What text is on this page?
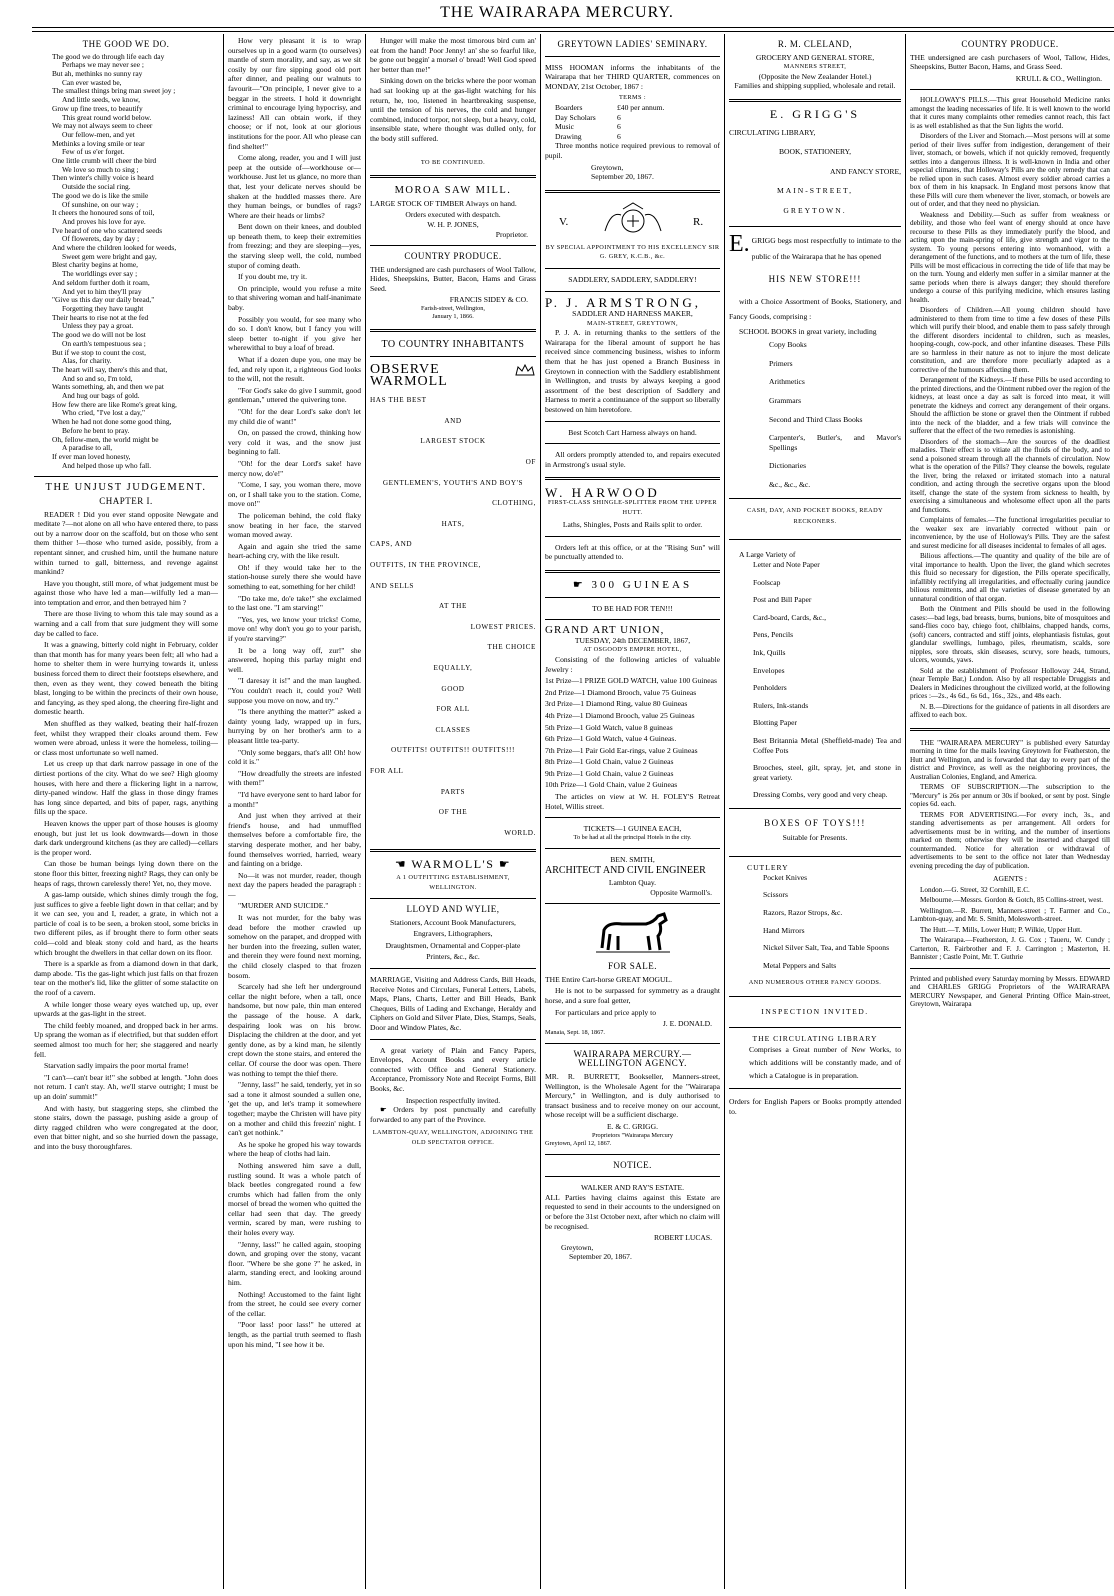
THE WAIRARAPA MERCURY.
THE GOOD WE DO.
The good we do through life each day
Perhaps we may never see ;
But ah, methinks no sunny ray
Can ever wasted be,
The smallest things bring man sweet joy ;
And little seeds, we know,
Grow up fine trees, to beautify
This great round world below.
We may not always seem to cheer
Our fellow-men, and yet
Methinks a loving smile or tear
Few of us e'er forget.
One little crumb will cheer the bird
We love so much to sing ;
Then winter's chilly voice is heard
Outside the social ring.
The good we do is like the smile
Of sunshine, on our way ;
It cheers the honoured sons of toil,
And proves his love for aye.
I've heard of one who scattered seeds
Of flowerets, day by day ;
And where the children looked for weeds,
Sweet gem were bright and gay,
Blest charity begins at home,
The worldlings ever say ;
And seldom further doth it roam,
And yet to him they'll pray
"Give us this day our daily bread,"
Forgetting they have taught
Their hearts to rise not at the fed
Unless they pay a groat.
The good we do will not be lost
On earth's tempestuous sea ;
But if we stop to count the cost,
Alas, for charity.
The heart will say, there's this and that,
And so and so, I'm told,
Wants something, ah, and then we pat
And hug our bags of gold.
How few there are like Rome's great king,
Who cried, "I've lost a day,"
When he had not done some good thing,
Before he bent to pray.
Oh, fellow-men, the world might be
A paradise to all,
If ever man loved honesty,
And helped those up who fall.
THE UNJUST JUDGEMENT.
CHAPTER I.

READER ! Did you ever stand opposite Newgate and meditate ?—not alone on all who have entered there, to pass out by a narrow door on the scaffold, but on those who sent them thither !—those who turned aside, possibly, from a repentant sinner, and crushed him, until the humane nature within turned to gall, bitterness, and revenge against mankind?

Have you thought, still more, of what judgement must be against those who have led a man—wilfully led a man—into temptation and error, and then betrayed him ?

There are those living to whom this tale may sound as a warning and a call from that sure judgment they will some day be called to face.

It was a gnawing, bitterly cold night in February, colder than that month has for many years been felt; all who had a home to shelter them in were hurrying towards it, unless business forced them to direct their footsteps elsewhere, and then, even as they went, they cowed beneath the biting blast, longing to be within the precincts of their own house, and fancying, as they sped along, the cheering fire-light and domestic hearth.

Men shuffled as they walked, beating their half-frozen feet, whilst they wrapped their cloaks around them. Few women were abroad, unless it were the homeless, toiling—or class most unfortunate so well named.

Let us creep up that dark narrow passage in one of the dirtiest portions of the city. What do we see? High gloomy houses, with here and there a flickering light in a narrow, dirty-paned window. Half the glass in those dingy frames has long since departed, and bits of paper, rags, anything fills up the space.

Heaven knows the upper part of those houses is gloomy enough, but just let us look downwards—down in those dark dark underground kitchens (as they are called)—cellars is the proper word.

Can those be human beings lying down there on the stone floor this bitter, freezing night? Rags, they can only be heaps of rags, thrown carelessly there! Yet, no, they move.

A gas-lamp outside, which shines dimly trough the fog, just suffices to give a feeble light down in that cellar; and by it we can see, you and I, reader, a grate, in which not a particle of coal is to be seen, a broken stool, some bricks in two different piles, as if brought there to form other seats cold—cold and bleak stony cold and hard, as the hearts which brought the dwellers in that cellar down on its floor.

There is a sparkle as from a diamond down in that dark, damp abode. 'Tis the gas-light which just falls on that frozen tear on the mother's lid, like the glitter of some stalactite on the roof of a cavern.

A while longer those weary eyes watched up, up, ever upwards at the gas-light in the street.

The child feebly moaned, and dropped back in her arms. Up sprang the woman as if electrified, but that sudden effort seemed almost too much for her; she staggered and nearly fell.

Starvation sadly impairs the poor mortal frame!

"I can't—can't bear it!" she sobbed at length. "John does not return. I can't stay. Ah, we'll starve outright; I must be up an doin' summit!"

And with hasty, but staggering steps, she climbed the stone stairs, down the passage, pushing aside a group of dirty ragged children who were congregated at the door, even that bitter night, and so she hurried down the passage, and into the busy thoroughfares.

How very pleasant it is to wrap ourselves up in a good warm (to ourselves) mantle of stern morality, and say, as we sit cosily by our fire sipping good old port after dinner, and pealing our walnuts to favourit—"On principle, I never give to a beggar in the streets. I hold it downright criminal to encourage lying hypocrisy, and laziness! All can obtain work, if they choose; or if not, look at our glorious institutions for the poor. All who please can find shelter!"

Come along, reader, you and I will just peep at the outside of—workhouse or—workhouse. Just let us glance, no more than that, lest your delicate nerves should be shaken at the huddled masses there. Are they human beings, or bundles of rags? Where are their heads or limbs?

Bent down on their knees, and doubled up beneath them, to keep their extremities from freezing; and they are sleeping—yes, the starving sleep well, the cold, numbed stupor of coming death.

If you doubt me, try it.

On principle, would you refuse a mite to that shivering woman and half-inanimate baby.

Possibly you would, for see many who do so. I don't know, but I fancy you will sleep better to-night if you give her wherewithal to buy a loaf of bread.

What if a dozen dupe you, one may be fed, and rely upon it, a righteous God looks to the will, not the result.

"For God's sake do give I summit, good gentleman," uttered the quivering tone.

"Oh! for the dear Lord's sake don't let my child die of want!"

On, on passed the crowd, thinking how very cold it was, and the snow just beginning to fall.

"Oh! for the dear Lord's sake! have mercy now, do'e!"

"Come, I say, you woman there, move on, or I shall take you to the station. Come, move on!"

The policeman behind, the cold flaky snow beating in her face, the starved woman moved away.

Again and again she tried the same heart-aching cry, with the like result.

Oh! if they would take her to the station-house surely there she would have something to eat, something for her child!

"Do take me, do'e take!" she exclaimed to the last one. "I am starving!"

"Yes, yes, we know your tricks! Come, move on! why don't you go to your parish, if you're starving?"

It be a long way off, zur!" she answered, hoping this parlay might end well.

"I daresay it is!" and the man laughed. "You couldn't reach it, could you? Well suppose you move on now, and try."

"Is there anything the matter?" asked a dainty young lady, wrapped up in furs, hurrying by on her brother's arm to a pleasant little tea-party.

"Only some beggars, that's all! Oh! how cold it is."

"How dreadfully the streets are infested with them!"

"I'd have everyone sent to hard labor for a month!"

And just when they arrived at their friend's house, and had unmuffled themselves before a comfortable fire, the starving desperate mother, and her baby, found themselves worried, harried, weary and fainting on a bridge.

No—it was not murder, reader, though next day the papers headed the paragraph :—

"MURDER AND SUICIDE."

It was not murder, for the baby was dead before the mother crawled up somehow on the parapet, and dropped with her burden into the freezing, sullen water, and therein they were found next morning, the child closely clasped to that frozen bosom.

Scarcely had she left her underground cellar the night before, when a tall, once handsome, but now pale, thin man entered the passage of the house. A dark, despairing look was on his brow. Displacing the children at the door, and yet gently done, as by a kind man, he silently crept down the stone stairs, and entered the cellar. Of course the door was open. There was nothing to tempt the thief there.

"Jenny, lass!" he said, tenderly, yet in so sad a tone it almost sounded a sullen one, 'get the up, and let's tramp it somewhere together; maybe the Christen will have pity on a mother and child this freezin' night. I can't get nothink."

As he spoke he groped his way towards where the heap of cloths had lain.

Nothing answered him save a dull, rustling sound. It was a whole patch of black beetles congregated round a few crumbs which had fallen from the only morsel of bread the women who quitted the cellar had seen that day. The greedy vermin, scared by man, were rushing to their holes every way.

"Jenny, lass!" he called again, stooping down, and groping over the stony, vacant floor. "Where be she gone ?" he asked, in alarm, standing erect, and looking around him.

Nothing! Accustomed to the faint light from the street, he could see every corner of the cellar.

"Poor lass! poor lass!" he uttered at length, as the partial truth seemed to flash upon his mind, "I see how it be.

Hunger will make the most timorous bird cum an' eat from the hand! Poor Jenny! an' she so fearful like, be gone out beggin' a morsel o' bread! Well God speed her better than me!"

Sinking down on the bricks where the poor woman had sat looking up at the gas-light watching for his return, he, too, listened in heartbreaking suspense, until the tension of his nerves, the cold and hunger combined, induced torpor, not sleep, but a heavy, cold, insensible state, where thought was dulled only, for the body still suffered.

TO BE CONTINUED.
MOROA SAW MILL.

LARGE STOCK OF TIMBER Always on hand.

Orders executed with despatch.
W. H. P. JONES,
Proprietor.
COUNTRY PRODUCE.

THE undersigned are cash purchasers of Wool Tallow, Hides, Sheepskins, Butter, Bacon, Hams and Grass Seed.

FRANCIS SIDEY & CO.
Farish-street, Wellington,
January 1, 1866.
TO COUNTRY INHABITANTS
OBSERVE  WARMOLL
HAS THE BEST
AND
LARGEST STOCK
OF
GENTLEMEN'S, YOUTH'S AND BOY'S
CLOTHING,
HATS,
CAPS, AND
OUTFITS, IN THE PROVINCE,
AND SELLS
AT THE
LOWEST PRICES.
THE CHOICE
EQUALLY,
GOOD
FOR ALL
CLASSES
OUTFITS! OUTFITS!! OUTFITS!!!
FOR ALL
PARTS
OF THE
WORLD.
☚ WARMOLL'S ☛
A 1 OUTFITTING ESTABLISHMENT,
WELLINGTON.
LLOYD AND WYLIE,
Stationers, Account Book Manufacturers,
Engravers, Lithographers,
Draughtsmen, Ornamental and Copper-plate
Printers, &c., &c.

MARRIAGE, Visiting and Address Cards, Bill Heads, Receive Notes and Circulars, Funeral Letters, Labels, Maps, Plans, Charts, Letter and Bill Heads, Bank Cheques, Bills of Lading and Exchange, Heraldy and Ciphers on Gold and Silver Plate, Dies, Stamps, Seals, Door and Window Plates, &c.

A great variety of Plain and Fancy Papers, Envelopes, Account Books and every article connected with Office and General Stationery. Acceptance, Promissory Note and Receipt Forms, Bill Books, &c.

Inspection respectfully invited.

☛ Orders by post punctually and carefully forwarded to any part of the Province.

LAMBTON-QUAY, WELLINGTON, ADJOINING THE OLD SPECTATOR OFFICE.
GREYTOWN LADIES' SEMINARY.

MISS HOOMAN informs the inhabitants of the Wairarapa that her THIRD QUARTER, commences on MONDAY, 21st October, 1867 :

TERMS :
Boarders	£40 per annum.
Day Scholars	6
Music	6
Drawing	6

Three months notice required previous to removal of pupil.

Greytown,
September 20, 1867.
V.	R.
BY SPECIAL APPOINTMENT TO HIS EXCELLENCY SIR G. GREY, K.C.B., &c.
SADDLERY, SADDLERY, SADDLERY!
P. J. ARMSTRONG,
SADDLER AND HARNESS MAKER,
MAIN-STREET, GREYTOWN,

P. J. A. in returning thanks to the settlers of the Wairarapa for the liberal amount of support he has received since commencing business, wishes to inform them that he has just opened a Branch Business in Greytown in connection with the Saddlery establishment in Wellington, and trusts by always keeping a good assortment of the best description of Saddlery and Harness to merit a continuance of the support so liberally bestowed on him heretofore.

Best Scotch Cart Harness always on hand.

All orders promptly attended to, and repairs executed in Armstrong's usual style.

W. HARWOOD
FIRST-CLASS SHINGLE-SPLITTER FROM THE UPPER HUTT.
Laths, Shingles, Posts and Rails split to order.

Orders left at this office, or at the "Rising Sun" will be punctually attended to.

☛ 300 GUINEAS
TO BE HAD FOR TEN!!!
GRAND ART UNION,
TUESDAY, 24th DECEMBER, 1867,
AT OSGOOD'S EMPIRE HOTEL,

Consisting of the following articles of valuable Jewelry :

1st Prize—1 PRIZE GOLD WATCH, value 100 Guineas
2nd Prize—1 Diamond Brooch, value 75 Guineas
3rd Prize—1 Diamond Ring, value 80 Guineas
4th Prize—1 Diamond Brooch, value 25 Guineas
5th Prize—1 Gold Watch, value 8 guineas
6th Prize—1 Gold Watch, value 4 Guineas.
7th Prize—1 Pair Gold Ear-rings, value 2 Guineas
8th Prize—1 Gold Chain, value 2 Guineas
9th Prize—1 Gold Chain, value 2 Guineas
10th Prize—1 Gold Chain, value 2 Guineas

The articles on view at W. H. FOLEY'S Retreat Hotel, Willis street.

TICKETS—1 GUINEA EACH,
To be had at all the principal Hotels in the city.
BEN. SMITH,
ARCHITECT AND CIVIL ENGINEER
Lambton Quay.
Opposite Warmoll's.
FOR SALE.

THE Entire Cart-horse GREAT MOGUL.

He is not to be surpassed for symmetry as a draught horse, and a sure foal getter,

For particulars and price apply to

J. E. DONALD.
Manaia, Sept. 18, 1867.
WAIRARAPA MERCURY.—WELLINGTON AGENCY.

MR. R. BURRETT, Bookseller, Manners-street, Wellington, is the Wholesale Agent for the "Wairarapa Mercury," in Wellington, and is duly authorised to transact business and to receive money on our account, whose receipt will be a sufficient discharge.

E. & C. GRIGG.
Proprietors "Wairarapa Mercury
Greytown, April 12, 1867.
NOTICE.
WALKER AND RAY'S ESTATE.

ALL Parties having claims against this Estate are requested to send in their accounts to the undersigned on or before the 31st October next, after which no claim will be recognised.

ROBERT LUCAS.
Greytown,
September 20, 1867.
R. M. CLELAND,
GROCERY AND GENERAL STORE,
MANNERS STREET,
(Opposite the New Zealander Hotel.)
Families and shipping supplied, wholesale and retail.
E. GRIGG'S
CIRCULATING LIBRARY,
BOOK, STATIONERY,
AND FANCY STORE,
MAIN-STREET,
GREYTOWN.
E. GRIGG begs most respectfully to intimate to the public of the Wairarapa that he has opened
HIS NEW STORE!!!

with a Choice Assortment of Books, Stationery, and Fancy Goods, comprising :

SCHOOL BOOKS in great variety, including

Copy Books
Primers
Arithmetics
Grammars
Second and Third Class Books
Carpenter's, Butler's, and Mavor's Spellings
Dictionaries
&c., &c., &c.
CASH, DAY, AND POCKET BOOKS, READY RECKONERS.
A Large Variety of
Letter and Note Paper
Foolscap
Post and Bill Paper
Card-board, Cards, &c.,
Pens, Pencils
Ink, Quills
Envelopes
Penholders
Rulers, Ink-stands
Blotting Paper
Best Britannia Metal (Sheffield-made) Tea and Coffee Pots
Brooches, steel, gilt, spray, jet, and stone in great variety.
Dressing Combs, very good and very cheap.
BOXES OF TOYS!!!
Suitable for Presents.
CUTLERY
Pocket Knives
Scissors
Razors, Razor Strops, &c.
Hand Mirrors
Nickel Silver Salt, Tea, and Table Spoons
Metal Peppers and Salts
AND NUMEROUS OTHER FANCY GOODS.
INSPECTION INVITED.
THE CIRCULATING LIBRARY

Comprises a Great number of New Works, to which additions will be constantly made, and of which a Catalogue is in preparation.

Orders for English Papers or Books promptly attended to.

COUNTRY PRODUCE.

THE undersigned are cash purchasers of Wool, Tallow, Hides, Sheepskins, Butter Bacon, Hams, and Grass Seed.

KRULL & CO., Wellington.

HOLLOWAY'S PILLS.—This great Household Medicine ranks amongst the leading necessaries of life. It is well known to the world that it cures many complaints other remedies cannot reach, this fact is as well established as that the Sun lights the world.

Disorders of the Liver and Stomach.—Most persons will at some period of their lives suffer from indigestion, derangement of their liver, stomach, or bowels, which if not quickly removed, frequently settles into a dangerous illness. It is well-known in India and other especial climates, that Holloway's Pills are the only remedy that can be relied upon in such cases. Almost every soldier abroad carries a box of them in his knapsack. In England most persons know that these Pills will cure them whenever the liver, stomach, or bowels are out of order, and that they need no physician.

Weakness and Debility.—Such as suffer from weakness or debility, and those who feel want of energy should at once have recourse to these Pills as they immediately purify the blood, and acting upon the main-spring of life, give strength and vigor to the system. To young persons entering into womanhood, with a derangement of the functions, and to mothers at the turn of life, these Pills will be most efficacious in correcting the tide of life that may be on the turn. Young and elderly men suffer in a similar manner at the same periods when there is always danger; they should therefore undergo a course of this purifying medicine, which ensures lasting health.

Disorders of Children.—All young children should have administered to them from time to time a few doses of these Pills which will purify their blood, and enable them to pass safely through the different disorders incidental to children, such as measles, hooping-cough, cow-pock, and other infantine diseases. These Pills are so harmless in their nature as not to injure the most delicate constitution, and are therefore more peculiarly adapted as a corrective of the humours affecting them.

Derangement of the Kidneys.—If these Pills be used according to the printed directions, and the Ointment rubbed over the region of the kidneys, at least once a day as salt is forced into meat, it will penetrate the kidneys and correct any derangement of their organs. Should the affliction be stone or gravel then the Ointment if rubbed into the neck of the bladder, and a few trials will convince the sufferer that the effect of the two remedies is astonishing.

Disorders of the stomach—Are the sources of the deadliest maladies. Their effect is to vitiate all the fluids of the body, and to send a poisoned stream through all the channels of circulation. Now what is the operation of the Pills? They cleanse the bowels, regulate the liver, bring the relaxed or irritated stomach into a natural condition, and acting through the secretive organs upon the blood itself, change the state of the system from sickness to health, by exercising a simultaneous and wholesome effect upon all the parts and functions.

Complaints of females.—The functional irregularities peculiar to the weaker sex are invariably corrected without pain or inconvenience, by the use of Holloway's Pills. They are the safest and surest medicine for all diseases incidental to females of all ages.

Bilious affections.—The quantity and quality of the bile are of vital importance to health. Upon the liver, the gland which secretes this fluid so necessary for digestion, the Pills operate specifically, infallibly rectifying all irregularities, and effectually curing jaundice bilious remittents, and all the varieties of disease generated by an unnatural condition of that organ.

Both the Ointment and Pills should be used in the following cases:—bad legs, bad breasts, burns, bunions, bite of mosquitoes and sand-flies coco bay, chiego foot, chilblains, chapped hands, corns, (soft) cancers, contracted and stiff joints, elephantiasis fistulas, gout glandular swellings, lumbago, piles, rheumatism, scalds, sore nipples, sore throats, skin diseases, scurvy, sore heads, tumours, ulcers, wounds, yaws.

Sold at the establishment of Professor Holloway 244, Strand, (near Temple Bar,) London. Also by all respectable Druggists and Dealers in Medicines throughout the civilized world, at the following prices :—2s., 4s 6d., 6s 6d., 16s., 32s., and 48s each.

N. B.—Directions for the guidance of patients in all disorders are affixed to each box.

THE "WAIRARAPA MERCURY" is published every Saturday morning in time for the mails leaving Greytown for Featherston, the Hutt and Wellington, and is forwarded that day to every part of the district and Province, as well as the neighboring provinces, the Australian Colonies, England, and America.

TERMS OF SUBSCRIPTION.—The subscription to the "Mercury" is 26s per annum or 30s if booked, or sent by post. Single copies 6d. each.

TERMS FOR ADVERTISING.—For every inch, 3s., and standing advertisements as per arrangement. All orders for advertisements must be in writing, and the number of insertions marked on them; otherwise they will be inserted and charged till countermanded. Notice for alteration or withdrawal of advertisements to be sent to the office not later than Wednesday evening preceding the day of publication.

AGENTS :

London.—G. Street, 32 Cornhill, E.C.

Melbourne.—Messrs. Gordon & Gotch, 85 Collins-street, west.

Wellington.—R. Burrett, Manners-street ; T. Farmer and Co., Lambton-quay, and Mr. S. Smith, Molesworth-street.

The Hutt.—T. Mills, Lower Hutt; P. Wilkie, Upper Hutt.

The Wairarapa.—Featherston, J. G. Cox ; Taueru, W. Cundy ; Carterton, R. Fairbrother and F. J. Carrington ; Masterton, H. Bannister ; Castle Point, Mr. T. Guthrie

Printed and published every Saturday morning by Messrs. EDWARD and CHARLES GRIGG Proprietors of the WAIRARAPA MERCURY Newspaper, and General Printing Office Main-street, Greytown, Wairarapa
